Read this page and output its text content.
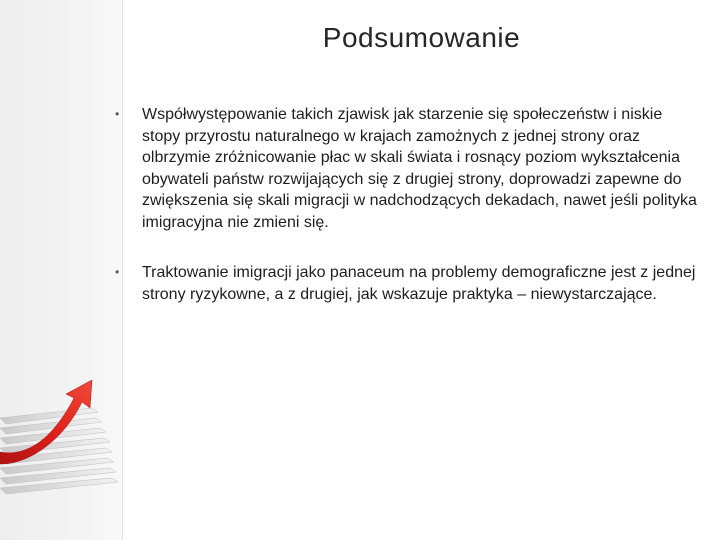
Podsumowanie
•	Współwystępowanie takich zjawisk jak starzenie się społeczeństw i niskie stopy przyrostu naturalnego w krajach zamożnych z jednej strony oraz olbrzymie zróżnicowanie płac w skali świata i rosnący poziom wykształcenia obywateli państw rozwijających się z drugiej strony, doprowadzi zapewne do zwiększenia się skali migracji w nadchodzących dekadach, nawet jeśli polityka imigracyjna nie zmieni się.
•	Traktowanie imigracji jako panaceum na problemy demograficzne jest z jednej strony ryzykowne, a z drugiej, jak wskazuje praktyka – niewystarczające.
